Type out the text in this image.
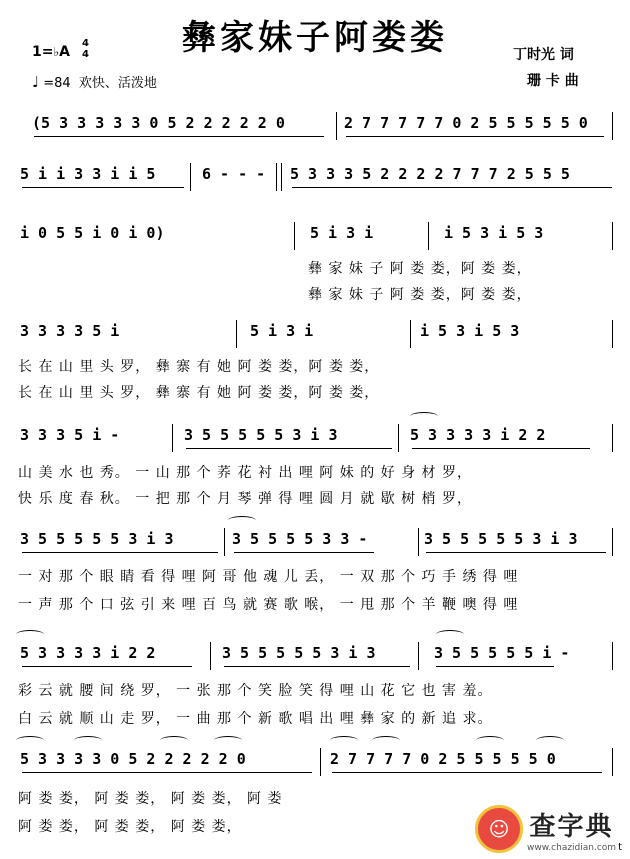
彝家妹子阿娄娄
1=♭A
4
4
♩ =84 欢快、活泼地
丁时光 词
珊 卡 曲
(5 3 3 3 3 3 0 5 2 2 2 2 2 0	2 7 7 7 7 7 0 2 5 5 5 5 5 0
5 i i 3 3 i i 5	6 - - - 5 3 3 3 5 2 2 2 2 7 7 7 2 5 5 5
i 0 5 5 i 0 i 0)	5 i 3 i	i 5 3 i 5 3
彝 家 妹 子 阿 娄 娄，阿 娄 娄，
彝 家 妹 子 阿 娄 娄，阿 娄 娄，
3 3 3 3 5 i	5 i 3 i	i 5 3 i 5 3
长 在 山 里 头 罗， 彝 寨 有 她 阿 娄 娄，阿 娄 娄，
长 在 山 里 头 罗， 彝 寨 有 她 阿 娄 娄，阿 娄 娄，
3 3 3 5 i -	3 5 5 5 5 5 3 i 3	5 3 3 3 3 i 2 2
山 美 水 也 秀。 一 山 那 个 荞 花 衬 出 哩 阿 妹 的 好 身 材 罗，
快 乐 度 春 秋。 一 把 那 个 月 琴 弹 得 哩 圆 月 就 歇 树 梢 罗，
3 5 5 5 5 5 3 i 3	3 5 5 5 5 3 3 -	3 5 5 5 5 5 3 i 3
一 对 那 个 眼 睛 看 得 哩 阿 哥 他 魂 儿 丢， 一 双 那 个 巧 手 绣 得 哩
一 声 那 个 口 弦 引 来 哩 百 鸟 就 赛 歌 喉， 一 甩 那 个 羊 鞭 噢 得 哩
5 3 3 3 3 i 2 2	3 5 5 5 5 5 3 i 3	3 5 5 5 5 5 i -
彩 云 就 腰 间 绕 罗， 一 张 那 个 笑 脸 笑 得 哩 山 花 它 也 害 羞。
白 云 就 顺 山 走 罗， 一 曲 那 个 新 歌 唱 出 哩 彝 家 的 新 追 求。
5 3 3 3 3 0 5 2 2 2 2 2 0	2 7 7 7 7 0 2 5 5 5 5 5 0
阿 娄 娄， 阿 娄 娄， 阿 娄 娄， 阿 娄
阿 娄 娄， 阿 娄 娄， 阿 娄 娄，	☺ 查字典
www.chazidian.com t
